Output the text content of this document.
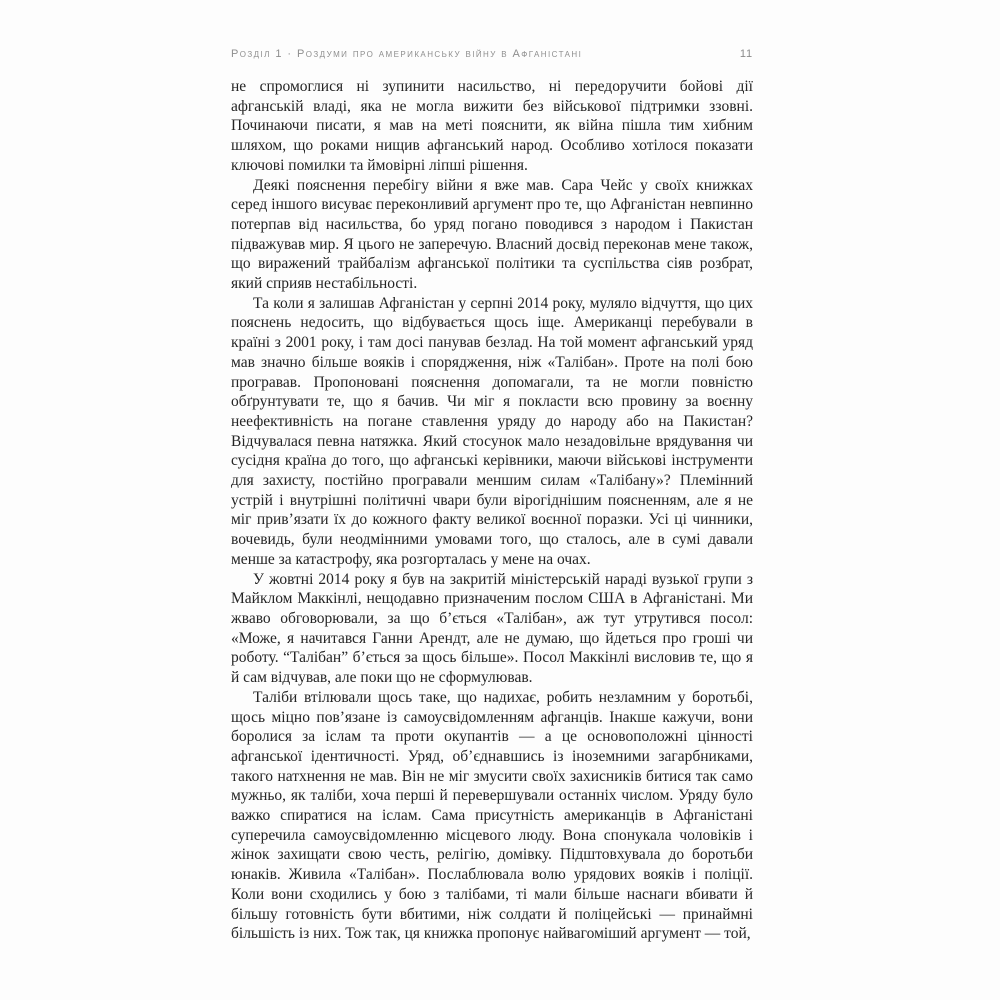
Розділ 1 · Роздуми про американську війну в Афганістані	11

не спромоглися ні зупинити насильство, ні передоручити бойові дії афганській владі, яка не могла вижити без військової підтримки ззовні. Починаючи писати, я мав на меті пояснити, як війна пішла тим хибним шляхом, що роками нищив афганський народ. Особливо хотілося показати ключові помилки та ймовірні ліпші рішення.

Деякі пояснення перебігу війни я вже мав. Сара Чейс у своїх книжках серед іншого висуває переконливий аргумент про те, що Афганістан невпинно потерпав від насильства, бо уряд погано поводився з народом і Пакистан підважував мир. Я цього не заперечую. Власний досвід переконав мене також, що виражений трайбалізм афганської політики та суспільства сіяв розбрат, який сприяв нестабільності.

Та коли я залишав Афганістан у серпні 2014 року, муляло відчуття, що цих пояснень недосить, що відбувається щось іще. Американці перебували в країні з 2001 року, і там досі панував безлад. На той момент афганський уряд мав значно більше вояків і спорядження, ніж «Талібан». Проте на полі бою програвав. Пропоновані пояснення допомагали, та не могли повністю обґрунтувати те, що я бачив. Чи міг я покласти всю провину за воєнну неефективність на погане ставлення уряду до народу або на Пакистан? Відчувалася певна натяжка. Який стосунок мало незадовільне врядування чи сусідня країна до того, що афганські керівники, маючи військові інструменти для захисту, постійно програвали меншим силам «Талібану»? Племінний устрій і внутрішні політичні чвари були вірогіднішим поясненням, але я не міг прив’язати їх до кожного факту великої воєнної поразки. Усі ці чинники, вочевидь, були неодмінними умовами того, що сталось, але в сумі давали менше за катастрофу, яка розгорталась у мене на очах.

У жовтні 2014 року я був на закритій міністерській нараді вузької групи з Майклом Маккінлі, нещодавно призначеним послом США в Афганістані. Ми жваво обговорювали, за що б’ється «Талібан», аж тут утрутився посол: «Може, я начитався Ганни Арендт, але не думаю, що йдеться про гроші чи роботу. “Талібан” б’ється за щось більше». Посол Маккінлі висловив те, що я й сам відчував, але поки що не сформулював.

Таліби втілювали щось таке, що надихає, робить незламним у боротьбі, щось міцно пов’язане із самоусвідомленням афганців. Інакше кажучи, вони боролися за іслам та проти окупантів — а це основоположні цінності афганської ідентичності. Уряд, об’єднавшись із іноземними загарбниками, такого натхнення не мав. Він не міг змусити своїх захисників битися так само мужньо, як таліби, хоча перші й перевершували останніх числом. Уряду було важко спиратися на іслам. Сама присутність американців в Афганістані суперечила самоусвідомленню місцевого люду. Вона спонукала чоловіків і жінок захищати свою честь, релігію, домівку. Підштовхувала до боротьби юнаків. Живила «Талібан». Послаблювала волю урядових вояків і поліції. Коли вони сходились у бою з талібами, ті мали більше наснаги вбивати й більшу готовність бути вбитими, ніж солдати й поліцейські — принаймні більшість із них. Тож так, ця книжка пропонує найвагоміший аргумент — той,
